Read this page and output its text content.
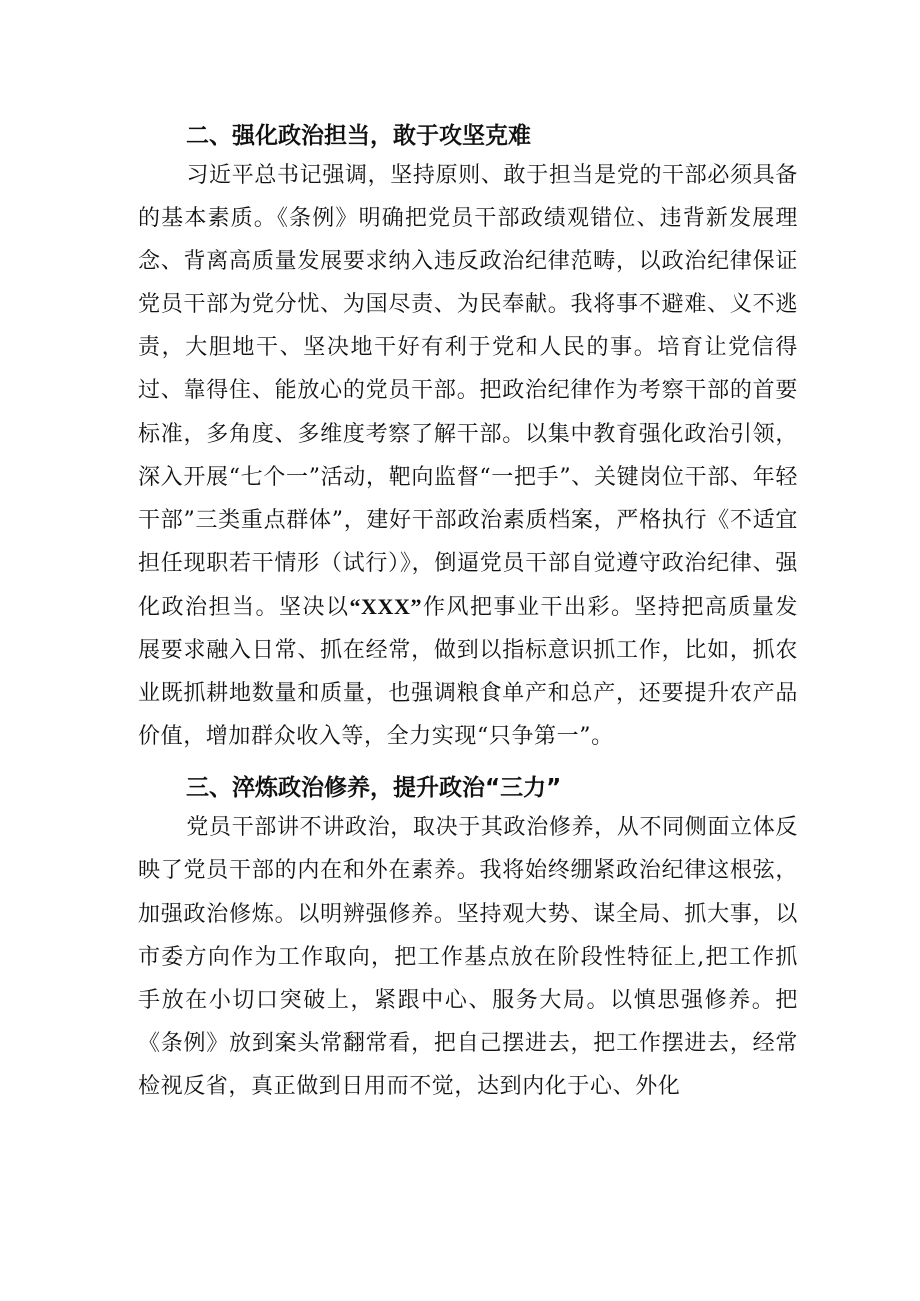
二、强化政治担当，敢于攻坚克难

习近平总书记强调，坚持原则、敢于担当是党的干部必须具备的基本素质。《条例》明确把党员干部政绩观错位、违背新发展理念、背离高质量发展要求纳入违反政治纪律范畴，以政治纪律保证党员干部为党分忧、为国尽责、为民奉献。我将事不避难、义不逃责，大胆地干、坚决地干好有利于党和人民的事。培育让党信得过、靠得住、能放心的党员干部。把政治纪律作为考察干部的首要标准，多角度、多维度考察了解干部。以集中教育强化政治引领，深入开展“七个一”活动，靶向监督“一把手”、关键岗位干部、年轻干部”三类重点群体”，建好干部政治素质档案，严格执行《不适宜担任现职若干情形（试行）》，倒逼党员干部自觉遵守政治纪律、强化政治担当。坚决以“XXX”作风把事业干出彩。坚持把高质量发展要求融入日常、抓在经常，做到以指标意识抓工作，比如，抓农业既抓耕地数量和质量，也强调粮食单产和总产，还要提升农产品价值，增加群众收入等，全力实现“只争第一”。

三、淬炼政治修养，提升政治“三力”

党员干部讲不讲政治，取决于其政治修养，从不同侧面立体反映了党员干部的内在和外在素养。我将始终绷紧政治纪律这根弦，加强政治修炼。以明辨强修养。坚持观大势、谋全局、抓大事，以市委方向作为工作取向，把工作基点放在阶段性特征上,把工作抓手放在小切口突破上，紧跟中心、服务大局。以慎思强修养。把《条例》放到案头常翻常看，把自己摆进去，把工作摆进去，经常检视反省，真正做到日用而不觉，达到内化于心、外化
